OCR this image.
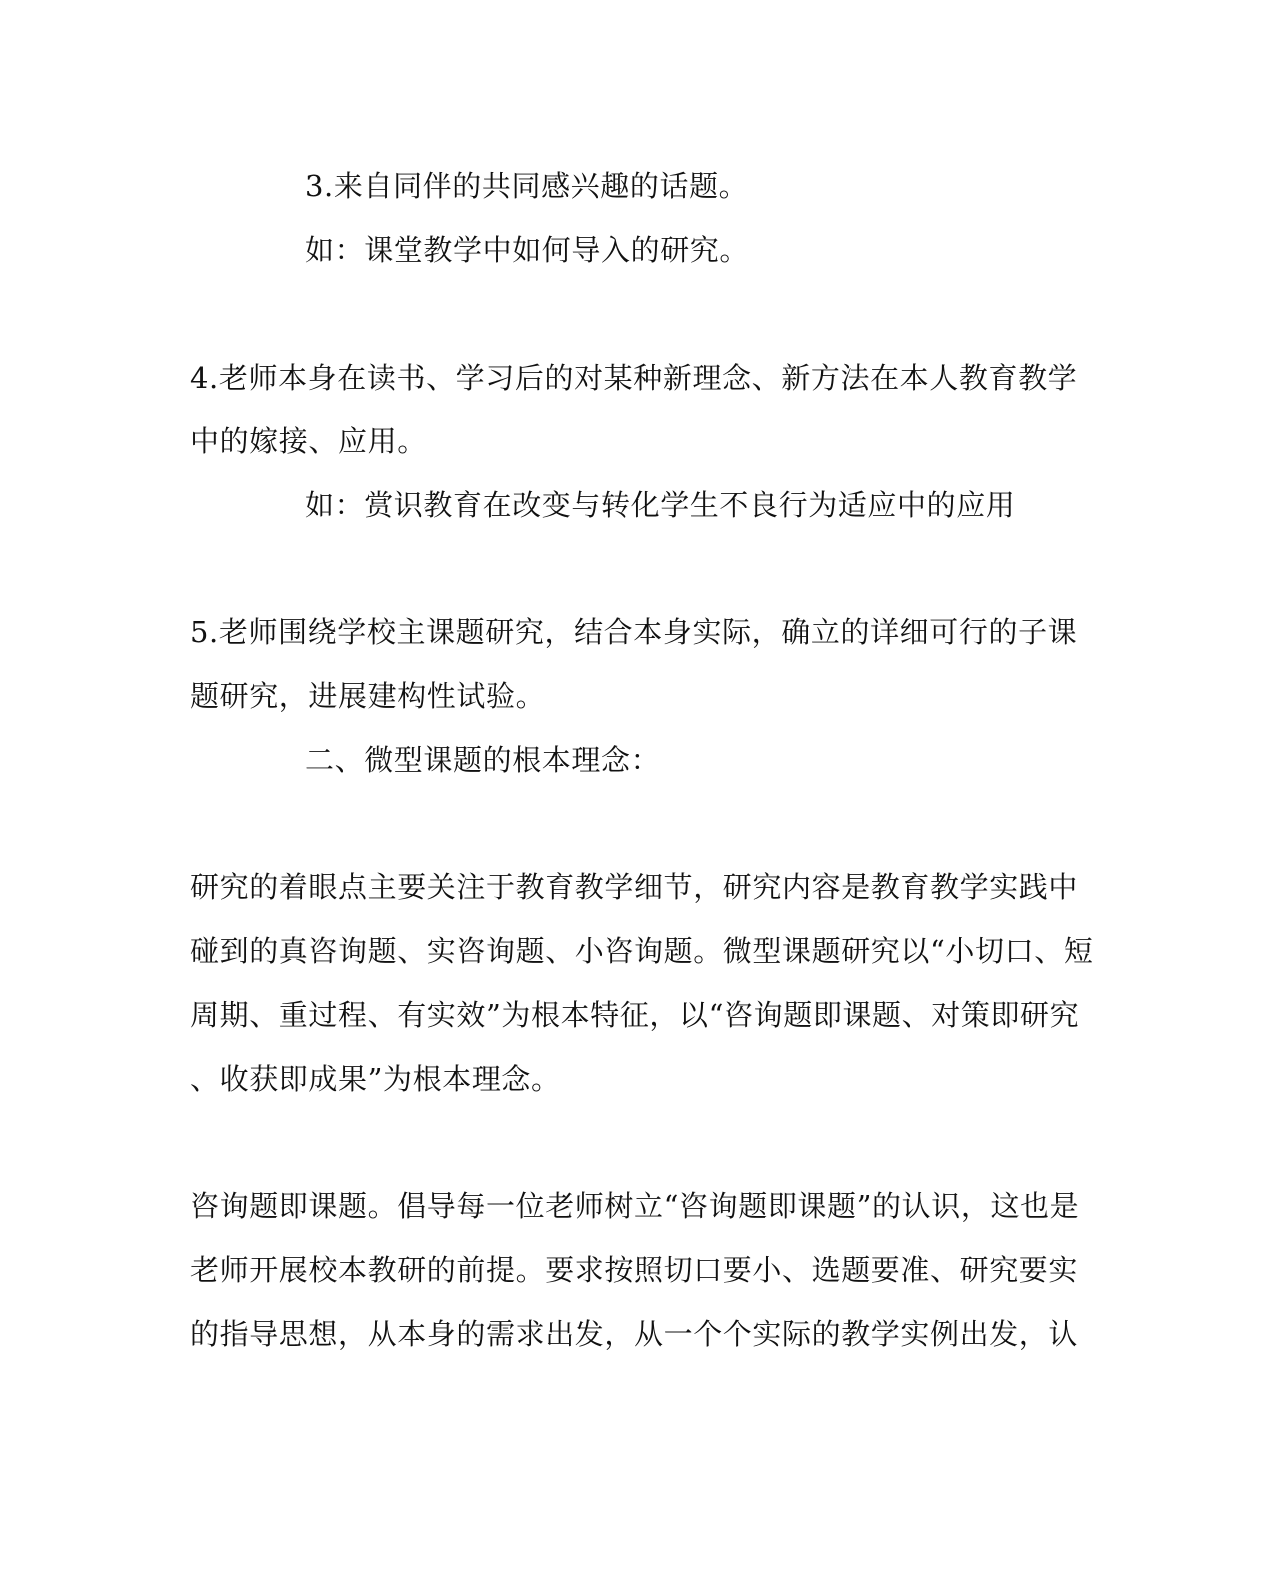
3.来自同伴的共同感兴趣的话题。
如：课堂教学中如何导入的研究。
4.老师本身在读书、学习后的对某种新理念、新方法在本人教育教学
中的嫁接、应用。
如：赏识教育在改变与转化学生不良行为适应中的应用
5.老师围绕学校主课题研究，结合本身实际，确立的详细可行的子课
题研究，进展建构性试验。
二、微型课题的根本理念：
研究的着眼点主要关注于教育教学细节，研究内容是教育教学实践中
碰到的真咨询题、实咨询题、小咨询题。微型课题研究以“小切口、短
周期、重过程、有实效”为根本特征，以“咨询题即课题、对策即研究
、收获即成果”为根本理念。
咨询题即课题。倡导每一位老师树立“咨询题即课题”的认识，这也是
老师开展校本教研的前提。要求按照切口要小、选题要准、研究要实
的指导思想，从本身的需求出发，从一个个实际的教学实例出发，认
